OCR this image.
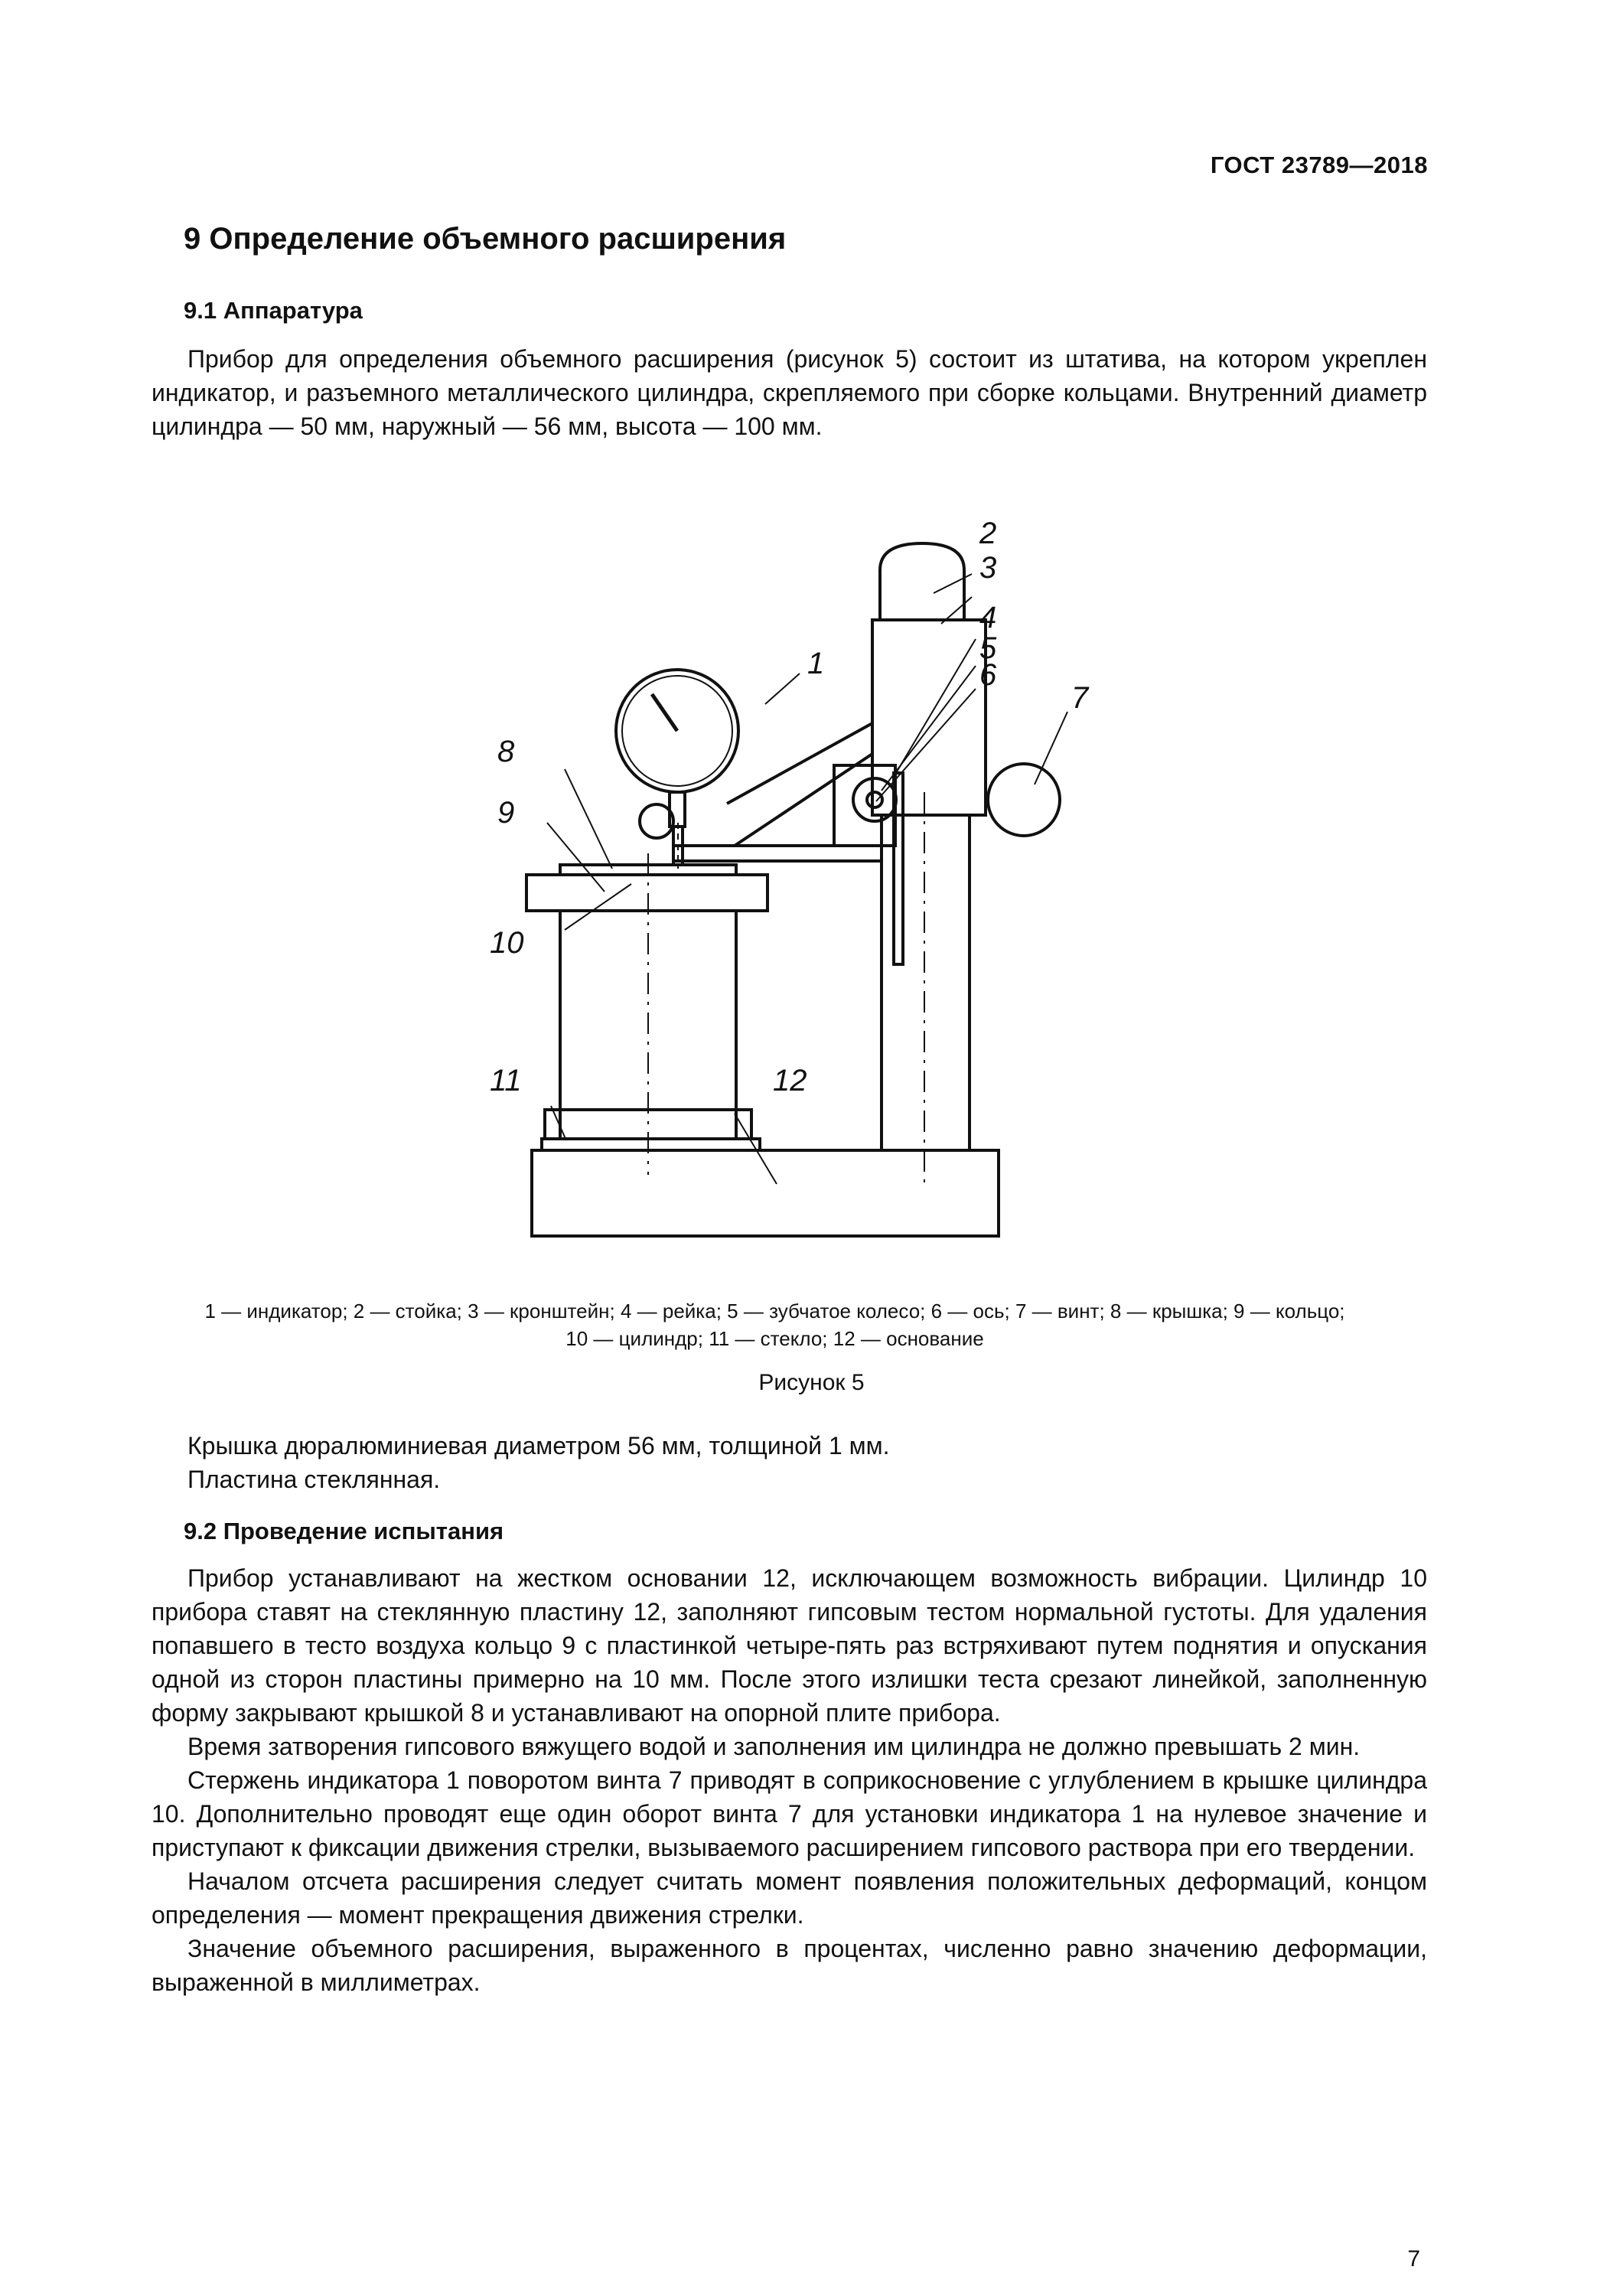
ГОСТ 23789—2018
9 Определение объемного расширения
9.1 Аппаратура

Прибор для определения объемного расширения (рисунок 5) состоит из штатива, на котором укреплен индикатор, и разъемного металлического цилиндра, скрепляемого при сборке кольцами. Внутренний диаметр цилиндра — 50 мм, наружный — 56 мм, высота — 100 мм.

1
2
3
4
5
6
7
8
9
10
11	12
1 — индикатор; 2 — стойка; 3 — кронштейн; 4 — рейка; 5 — зубчатое колесо; 6 — ось; 7 — винт; 8 — крышка; 9 — кольцо;
10 — цилиндр; 11 — стекло; 12 — основание
Рисунок 5

Крышка дюралюминиевая диаметром 56 мм, толщиной 1 мм.

Пластина стеклянная.

9.2 Проведение испытания

Прибор устанавливают на жестком основании 12, исключающем возможность вибрации. Цилиндр 10 прибора ставят на стеклянную пластину 12, заполняют гипсовым тестом нормальной густоты. Для удаления попавшего в тесто воздуха кольцо 9 с пластинкой четыре-пять раз встряхивают путем поднятия и опускания одной из сторон пластины примерно на 10 мм. После этого излишки теста срезают линейкой, заполненную форму закрывают крышкой 8 и устанавливают на опорной плите прибора.

Время затворения гипсового вяжущего водой и заполнения им цилиндра не должно превышать 2 мин.

Стержень индикатора 1 поворотом винта 7 приводят в соприкосновение с углублением в крышке цилиндра 10. Дополнительно проводят еще один оборот винта 7 для установки индикатора 1 на нулевое значение и приступают к фиксации движения стрелки, вызываемого расширением гипсового раствора при его твердении.

Началом отсчета расширения следует считать момент появления положительных деформаций, концом определения — момент прекращения движения стрелки.

Значение объемного расширения, выраженного в процентах, численно равно значению деформации, выраженной в миллиметрах.

7
